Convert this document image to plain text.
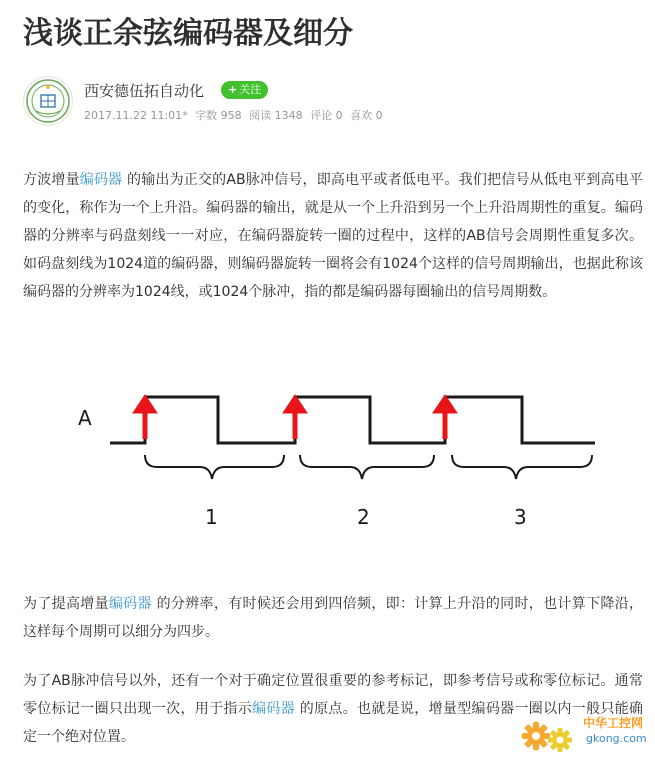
浅谈正余弦编码器及细分
西安德伍拓自动化	+ 关注
2017.11.22 11:01* 字数 958 阅读 1348 评论 0 喜欢 0

方波增量编码器 的输出为正交的AB脉冲信号，即高电平或者低电平。我们把信号从低电平到高电平的变化，称作为一个上升沿。编码器的输出，就是从一个上升沿到另一个上升沿周期性的重复。编码器的分辨率与码盘刻线一一对应，在编码器旋转一圈的过程中，这样的AB信号会周期性重复多次。如码盘刻线为1024道的编码器，则编码器旋转一圈将会有1024个这样的信号周期输出，也据此称该编码器的分辨率为1024线，或1024个脉冲，指的都是编码器每圈输出的信号周期数。

A
1	2	3

为了提高增量编码器 的分辨率，有时候还会用到四倍频，即：计算上升沿的同时，也计算下降沿，这样每个周期可以细分为四步。

为了AB脉冲信号以外，还有一个对于确定位置很重要的参考标记，即参考信号或称零位标记。通常零位标记一圈只出现一次，用于指示编码器 的原点。也就是说，增量型编码器一圈以内一般只能确定一个绝对位置。

中华工控网
gkong.com
